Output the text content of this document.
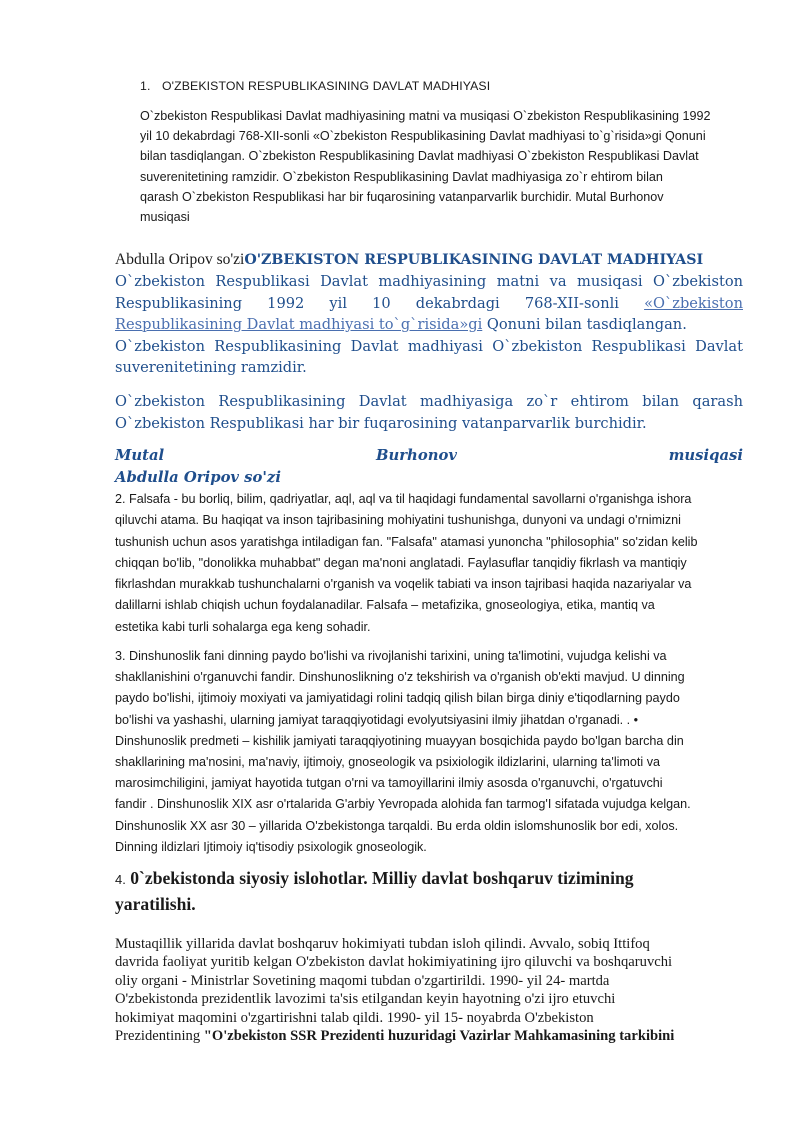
1. O'ZBEKISTON RESPUBLIKASINING DAVLAT MADHIYASI
O`zbekiston Respublikasi Davlat madhiyasining matni va musiqasi O`zbekiston Respublikasining 1992
yil 10 dekabrdagi 768-XII-sonli «O`zbekiston Respublikasining Davlat madhiyasi to`g`risida»gi Qonuni
bilan tasdiqlangan. O`zbekiston Respublikasining Davlat madhiyasi O`zbekiston Respublikasi Davlat
suverenitetining ramzidir. O`zbekiston Respublikasining Davlat madhiyasiga zo`r ehtirom bilan
qarash O`zbekiston Respublikasi har bir fuqarosining vatanparvarlik burchidir. Mutal Burhonov
musiqasi
Abdulla Oripov so'ziO'ZBEKISTON RESPUBLIKASINING DAVLAT MADHIYASI
O`zbekiston Respublikasi Davlat madhiyasining matni va musiqasi O`zbekiston
Respublikasining 1992 yil 10 dekabrdagi 768-XII-sonli «O`zbekiston
Respublikasining Davlat madhiyasi to`g`risida»gi Qonuni bilan tasdiqlangan.
O`zbekiston Respublikasining Davlat madhiyasi O`zbekiston Respublikasi Davlat
suverenitetining ramzidir.
O`zbekiston Respublikasining Davlat madhiyasiga zo`r ehtirom bilan qarash
O`zbekiston Respublikasi har bir fuqarosining vatanparvarlik burchidir.
Mutal	Burhonov	musiqasi
Abdulla Oripov so'zi
2. Falsafa - bu borliq, bilim, qadriyatlar, aql, aql va til haqidagi fundamental savollarni o'rganishga ishora
qiluvchi atama. Bu haqiqat va inson tajribasining mohiyatini tushunishga, dunyoni va undagi o'rnimizni
tushunish uchun asos yaratishga intiladigan fan. "Falsafa" atamasi yunoncha "philosophia" so'zidan kelib
chiqqan bo'lib, "donolikka muhabbat" degan ma'noni anglatadi. Faylasuflar tanqidiy fikrlash va mantiqiy
fikrlashdan murakkab tushunchalarni o'rganish va voqelik tabiati va inson tajribasi haqida nazariyalar va
dalillarni ishlab chiqish uchun foydalanadilar. Falsafa – metafizika, gnoseologiya, etika, mantiq va
estetika kabi turli sohalarga ega keng sohadir.
3. Dinshunoslik fani dinning paydo bo'lishi va rivojlanishi tarixini, uning ta'limotini, vujudga kelishi va
shakllanishini o'rganuvchi fandir. Dinshunoslikning o'z tekshirish va o'rganish ob'ekti mavjud. U dinning
paydo bo'lishi, ijtimoiy moxiyati va jamiyatidagi rolini tadqiq qilish bilan birga diniy e'tiqodlarning paydo
bo'lishi va yashashi, ularning jamiyat taraqqiyotidagi evolyutsiyasini ilmiy jihatdan o'rganadi. . •
Dinshunoslik predmeti – kishilik jamiyati taraqqiyotining muayyan bosqichida paydo bo'lgan barcha din
shakllarining ma'nosini, ma'naviy, ijtimoiy, gnoseologik va psixiologik ildizlarini, ularning ta'limoti va
marosimchiligini, jamiyat hayotida tutgan o'rni va tamoyillarini ilmiy asosda o'rganuvchi, o'rgatuvchi
fandir . Dinshunoslik XIX asr o'rtalarida G'arbiy Yevropada alohida fan tarmog'I sifatada vujudga kelgan.
Dinshunoslik XX asr 30 – yillarida O'zbekistonga tarqaldi. Bu erda oldin islomshunoslik bor edi, xolos.
Dinning ildizlari Ijtimoiy iq'tisodiy psixologik gnoseologik.
4. 0`zbekistonda siyosiy islohotlar. Milliy davlat boshqaruv tizimining
yaratilishi.
Mustaqillik yillarida davlat boshqaruv hokimiyati tubdan isloh qilindi. Avvalo, sobiq Ittifoq
davrida faoliyat yuritib kelgan O'zbekiston davlat hokimiyatining ijro qiluvchi va boshqaruvchi
oliy organi - Ministrlar Sovetining maqomi tubdan o'zgartirildi. 1990- yil 24- martda
O'zbekistonda prezidentlik lavozimi ta'sis etilgandan keyin hayotning o'zi ijro etuvchi
hokimiyat maqomini o'zgartirishni talab qildi. 1990- yil 15- noyabrda O'zbekiston
Prezidentining "O'zbekiston SSR Prezidenti huzuridagi Vazirlar Mahkamasining tarkibini
